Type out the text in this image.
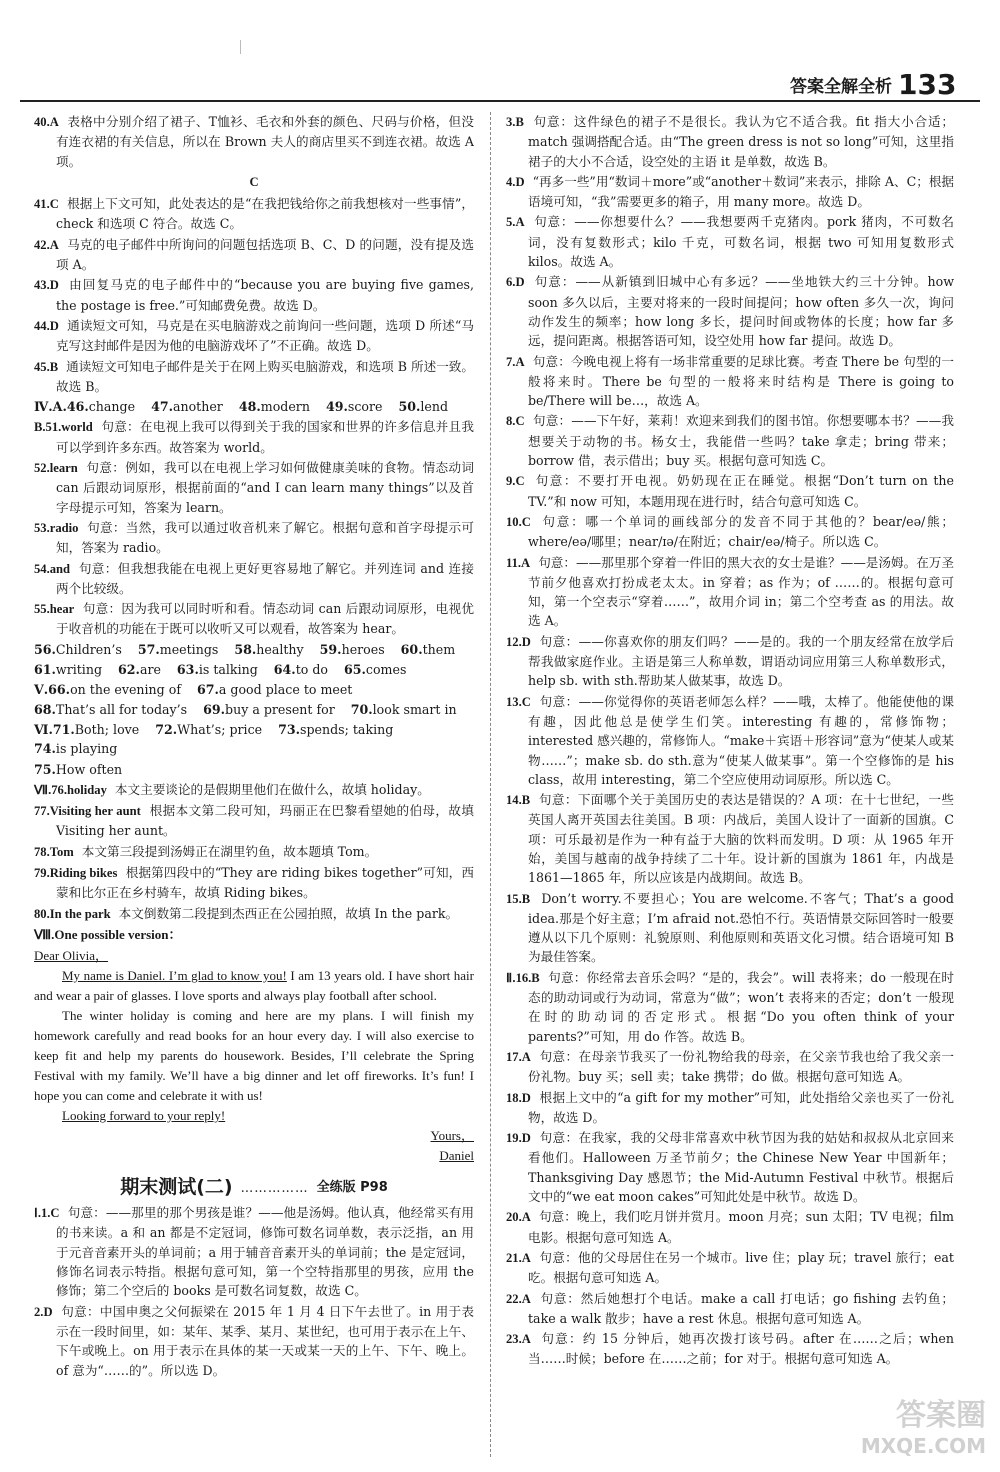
答案全解全析 133

40.A 表格中分别介绍了裙子、T恤衫、毛衣和外套的颜色、尺码与价格，但没有连衣裙的有关信息，所以在 Brown 夫人的商店里买不到连衣裙。故选 A 项。

C

41.C 根据上下文可知，此处表达的是“在我把钱给你之前我想核对一些事情”，check 和选项 C 符合。故选 C。

42.A 马克的电子邮件中所询问的问题包括选项 B、C、D 的问题，没有提及选项 A。

43.D 由回复马克的电子邮件中的“because you are buying five games, the postage is free.”可知邮费免费。故选 D。

44.D 通读短文可知，马克是在买电脑游戏之前询问一些问题，选项 D 所述“马克写这封邮件是因为他的电脑游戏坏了”不正确。故选 D。

45.B 通读短文可知电子邮件是关于在网上购买电脑游戏，和选项 B 所述一致。故选 B。

Ⅳ.A.46.change 47.another 48.modern 49.score 50.lend

B.51.world 句意：在电视上我可以得到关于我的国家和世界的许多信息并且我可以学到许多东西。故答案为 world。

52.learn 句意：例如，我可以在电视上学习如何做健康美味的食物。情态动词 can 后跟动词原形，根据前面的“and I can learn many things”以及首字母提示可知，答案为 learn。

53.radio 句意：当然，我可以通过收音机来了解它。根据句意和首字母提示可知，答案为 radio。

54.and 句意：但我想我能在电视上更好更容易地了解它。并列连词 and 连接两个比较级。

55.hear 句意：因为我可以同时听和看。情态动词 can 后跟动词原形，电视优于收音机的功能在于既可以收听又可以观看，故答案为 hear。

56.Children’s 57.meetings 58.healthy 59.heroes 60.them
61.writing 62.are 63.is talking 64.to do 65.comes
Ⅴ.66.on the evening of 67.a good place to meet
68.That’s all for today’s 69.buy a present for 70.look smart in
Ⅵ.71.Both; love 72.What’s; price 73.spends; taking
74.is playing
75.How often

Ⅶ.76.holiday 本文主要谈论的是假期里他们在做什么，故填 holiday。

77.Visiting her aunt 根据本文第二段可知，玛丽正在巴黎看望她的伯母，故填 Visiting her aunt。

78.Tom 本文第三段提到汤姆正在湖里钓鱼，故本题填 Tom。

79.Riding bikes 根据第四段中的“They are riding bikes together”可知，西蒙和比尔正在乡村骑车，故填 Riding bikes。

80.In the park 本文倒数第二段提到杰西正在公园拍照，故填 In the park。

Ⅷ.One possible version：

Dear Olivia，

My name is Daniel. I’m glad to know you! I am 13 years old. I have short hair and wear a pair of glasses. I love sports and always play football after school.

The winter holiday is coming and here are my plans. I will finish my homework carefully and read books for an hour every day. I will also exercise to keep fit and help my parents do housework. Besides, I’ll celebrate the Spring Festival with my family. We’ll have a big dinner and let off fireworks. It’s fun! I hope you can come and celebrate it with us!

Looking forward to your reply!

Yours，

Daniel

期末测试(二) …………… 全练版 P98

Ⅰ.1.C 句意：——那里的那个男孩是谁？——他是汤姆。他认真，他经常买有用的书来读。a 和 an 都是不定冠词，修饰可数名词单数，表示泛指，an 用于元音音素开头的单词前；a 用于辅音音素开头的单词前；the 是定冠词，修饰名词表示特指。根据句意可知，第一个空特指那里的男孩，应用 the 修饰；第二个空后的 books 是可数名词复数，故选 C。

2.D 句意：中国申奥之父何振梁在 2015 年 1 月 4 日下午去世了。in 用于表示在一段时间里，如：某年、某季、某月、某世纪，也可用于表示在上午、下午或晚上。on 用于表示在具体的某一天或某一天的上午、下午、晚上。of 意为“……的”。所以选 D。

3.B 句意：这件绿色的裙子不是很长。我认为它不适合我。fit 指大小合适；match 强调搭配合适。由“The green dress is not so long”可知，这里指裙子的大小不合适，设空处的主语 it 是单数，故选 B。

4.D “再多一些”用“数词＋more”或“another＋数词”来表示，排除 A、C；根据语境可知，“我”需要更多的箱子，用 many more。故选 D。

5.A 句意：——你想要什么？——我想要两千克猪肉。pork 猪肉，不可数名词，没有复数形式；kilo 千克，可数名词，根据 two 可知用复数形式 kilos。故选 A。

6.D 句意：——从新镇到旧城中心有多远？——坐地铁大约三十分钟。how soon 多久以后，主要对将来的一段时间提问；how often 多久一次，询问动作发生的频率；how long 多长，提问时间或物体的长度；how far 多远，提问距离。根据答语可知，设空处用 how far 提问。故选 D。

7.A 句意：今晚电视上将有一场非常重要的足球比赛。考查 There be 句型的一般将来时。There be 句型的一般将来时结构是 There is going to be/There will be…，故选 A。

8.C 句意：——下午好，莱莉！欢迎来到我们的图书馆。你想要哪本书？——我想要关于动物的书。杨女士，我能借一些吗？take 拿走；bring 带来；borrow 借，表示借出；buy 买。根据句意可知选 C。

9.C 句意：不要打开电视。奶奶现在正在睡觉。根据“Don’t turn on the TV.”和 now 可知，本题用现在进行时，结合句意可知选 C。

10.C 句意：哪一个单词的画线部分的发音不同于其他的？bear/eə/熊；where/eə/哪里；near/ɪə/在附近；chair/eə/椅子。所以选 C。

11.A 句意：——那里那个穿着一件旧的黑大衣的女士是谁？——是汤姆。在万圣节前夕他喜欢打扮成老太太。in 穿着；as 作为；of ……的。根据句意可知，第一个空表示“穿着……”，故用介词 in；第二个空考查 as 的用法。故选 A。

12.D 句意：——你喜欢你的朋友们吗？——是的。我的一个朋友经常在放学后帮我做家庭作业。主语是第三人称单数，谓语动词应用第三人称单数形式，help sb. with sth.帮助某人做某事，故选 D。

13.C 句意：——你觉得你的英语老师怎么样？——哦，太棒了。他能使他的课有趣，因此他总是使学生们笑。interesting 有趣的，常修饰物；interested 感兴趣的，常修饰人。“make＋宾语＋形容词”意为“使某人或某物……”；make sb. do sth.意为“使某人做某事”。第一个空修饰的是 his class，故用 interesting，第二个空应使用动词原形。所以选 C。

14.B 句意：下面哪个关于美国历史的表达是错误的？A 项：在十七世纪，一些英国人离开英国去往美国。B 项：内战后，美国人设计了一面新的国旗。C 项：可乐最初是作为一种有益于大脑的饮料而发明。D 项：从 1965 年开始，美国与越南的战争持续了二十年。设计新的国旗为 1861 年，内战是 1861—1865 年，所以应该是内战期间。故选 B。

15.B Don’t worry.不要担心；You are welcome.不客气；That’s a good idea.那是个好主意；I’m afraid not.恐怕不行。英语情景交际回答时一般要遵从以下几个原则：礼貌原则、利他原则和英语文化习惯。结合语境可知 B 为最佳答案。

Ⅱ.16.B 句意：你经常去音乐会吗？“是的，我会”。will 表将来；do 一般现在时态的助动词或行为动词，常意为“做”；won’t 表将来的否定；don’t 一般现在时的助动词的否定形式。根据“Do you often think of your parents?”可知，用 do 作答。故选 B。

17.A 句意：在母亲节我买了一份礼物给我的母亲，在父亲节我也给了我父亲一份礼物。buy 买；sell 卖；take 携带；do 做。根据句意可知选 A。

18.D 根据上文中的“a gift for my mother”可知，此处指给父亲也买了一份礼物，故选 D。

19.D 句意：在我家，我的父母非常喜欢中秋节因为我的姑姑和叔叔从北京回来看他们。Halloween 万圣节前夕；the Chinese New Year 中国新年；Thanksgiving Day 感恩节；the Mid-Autumn Festival 中秋节。根据后文中的“we eat moon cakes”可知此处是中秋节。故选 D。

20.A 句意：晚上，我们吃月饼并赏月。moon 月亮；sun 太阳；TV 电视；film 电影。根据句意可知选 A。

21.A 句意：他的父母居住在另一个城市。live 住；play 玩；travel 旅行；eat 吃。根据句意可知选 A。

22.A 句意：然后她想打个电话。make a call 打电话；go fishing 去钓鱼；take a walk 散步；have a rest 休息。根据句意可知选 A。

23.A 句意：约 15 分钟后，她再次拨打该号码。after 在……之后；when 当……时候；before 在……之前；for 对于。根据句意可知选 A。

答案圈
MXQE.COM
